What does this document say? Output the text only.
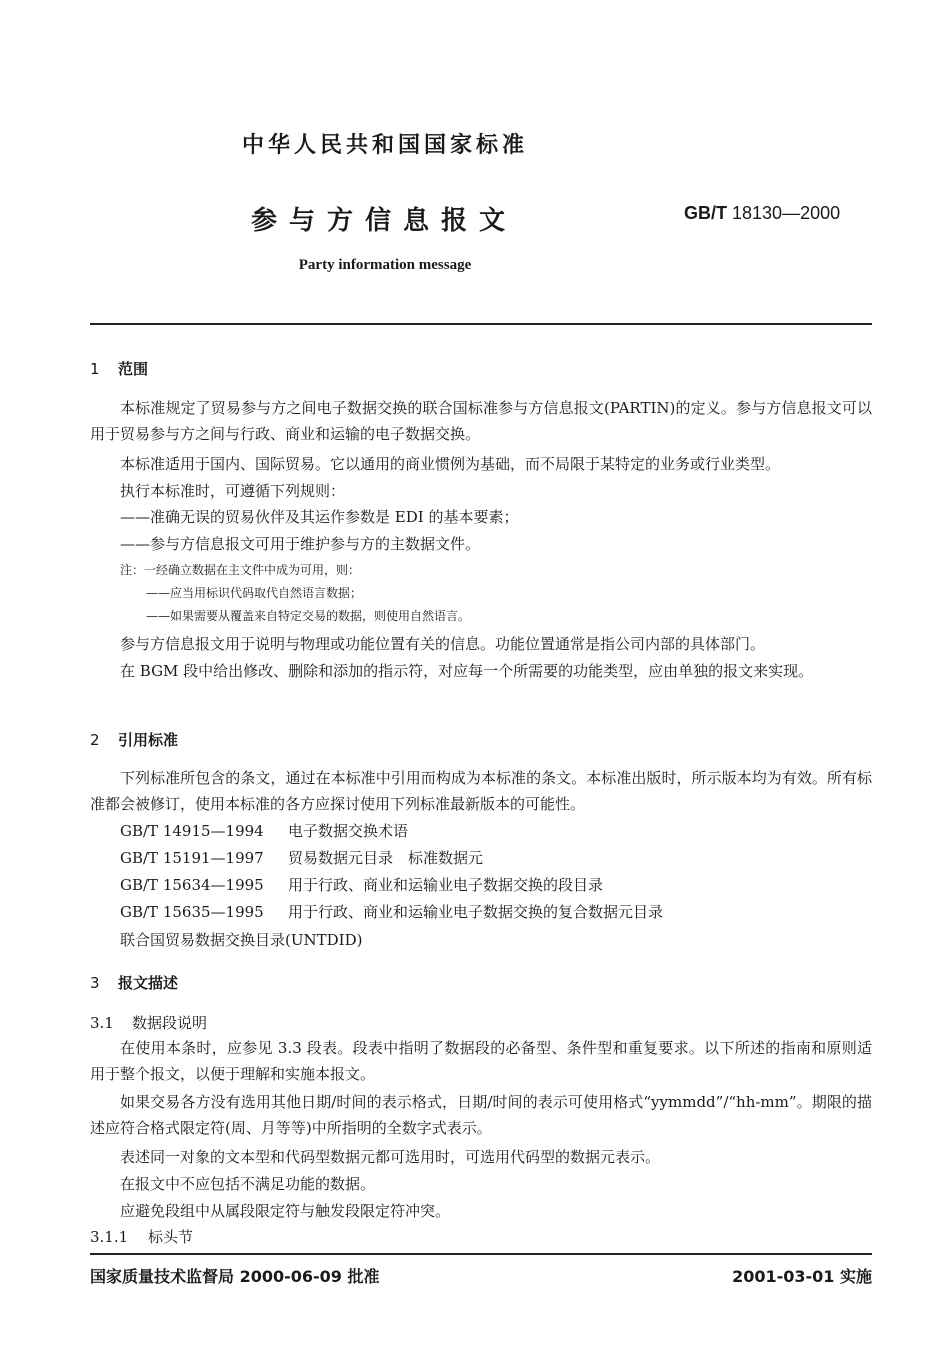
中华人民共和国国家标准
参与方信息报文	GB/T 18130—2000
Party information message
1 范围
本标准规定了贸易参与方之间电子数据交换的联合国标准参与方信息报文(PARTIN)的定义。参与方信息报文可以用于贸易参与方之间与行政、商业和运输的电子数据交换。
本标准适用于国内、国际贸易。它以通用的商业惯例为基础，而不局限于某特定的业务或行业类型。
执行本标准时，可遵循下列规则：
——准确无误的贸易伙伴及其运作参数是 EDI 的基本要素；
——参与方信息报文可用于维护参与方的主数据文件。
注：一经确立数据在主文件中成为可用，则：
——应当用标识代码取代自然语言数据；
——如果需要从覆盖来自特定交易的数据，则使用自然语言。
参与方信息报文用于说明与物理或功能位置有关的信息。功能位置通常是指公司内部的具体部门。
在 BGM 段中给出修改、删除和添加的指示符，对应每一个所需要的功能类型，应由单独的报文来实现。
2 引用标准
下列标准所包含的条文，通过在本标准中引用而构成为本标准的条文。本标准出版时，所示版本均为有效。所有标准都会被修订，使用本标准的各方应探讨使用下列标准最新版本的可能性。
GB/T 14915—1994 电子数据交换术语
GB/T 15191—1997 贸易数据元目录　标准数据元
GB/T 15634—1995 用于行政、商业和运输业电子数据交换的段目录
GB/T 15635—1995 用于行政、商业和运输业电子数据交换的复合数据元目录
联合国贸易数据交换目录(UNTDID)
3 报文描述
3.1 数据段说明
在使用本条时，应参见 3.3 段表。段表中指明了数据段的必备型、条件型和重复要求。以下所述的指南和原则适用于整个报文，以便于理解和实施本报文。
如果交易各方没有选用其他日期/时间的表示格式，日期/时间的表示可使用格式“yymmdd”/“hh-mm”。期限的描述应符合格式限定符(周、月等等)中所指明的全数字式表示。
表述同一对象的文本型和代码型数据元都可选用时，可选用代码型的数据元表示。
在报文中不应包括不满足功能的数据。
应避免段组中从属段限定符与触发段限定符冲突。
3.1.1 标头节
国家质量技术监督局 2000-06-09 批准	2001-03-01 实施
